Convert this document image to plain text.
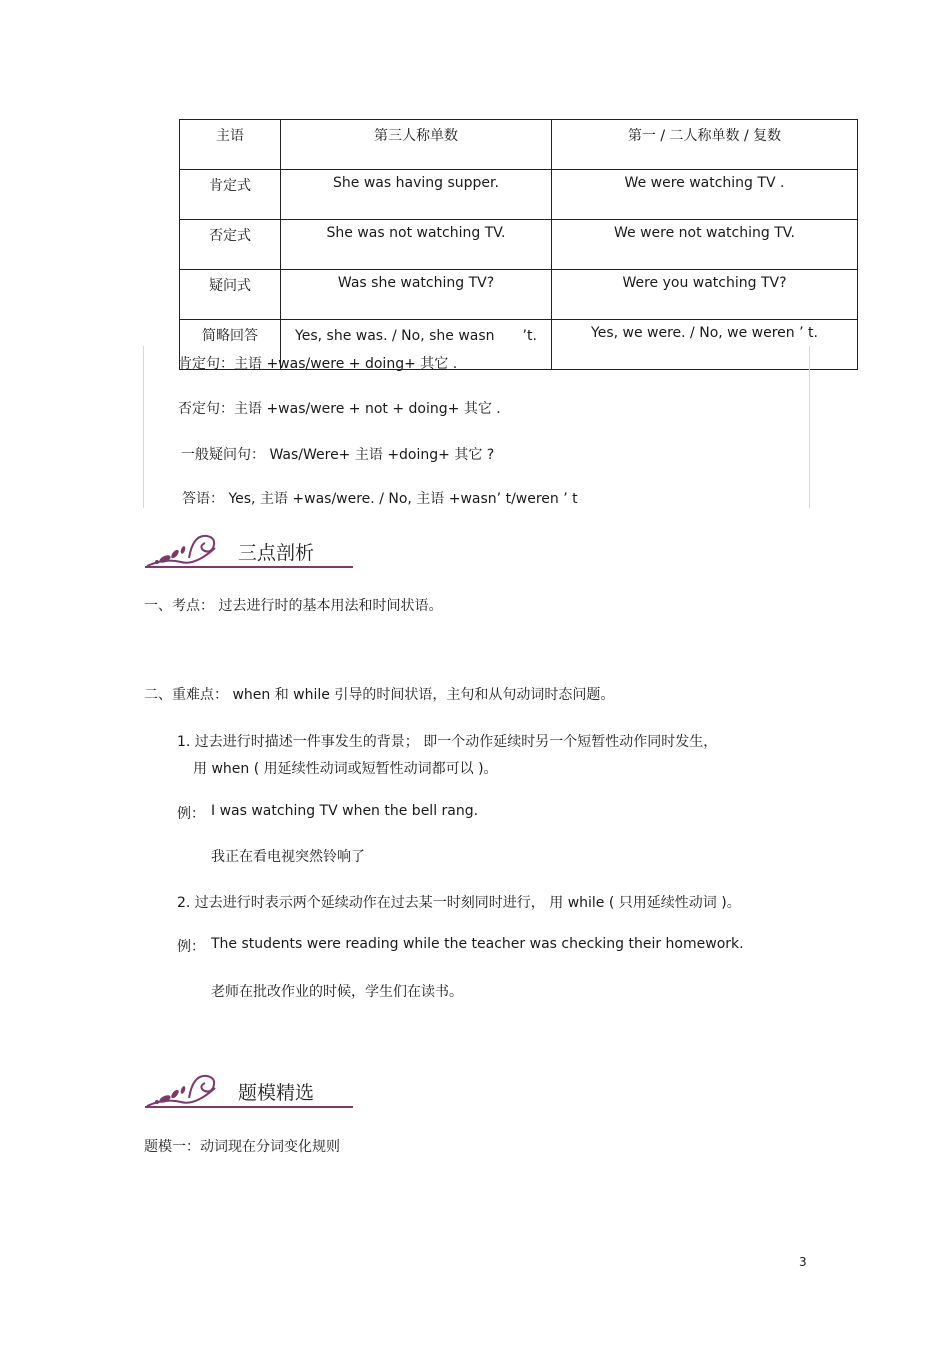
主语	第三人称单数	第一 / 二人称单数 / 复数
肯定式	She was having supper.	We were watching TV .
否定式	She was not watching TV.	We were not watching TV.
疑问式	Was she watching TV?	Were you watching TV?
简略回答	Yes, she was. / No, she wasn　　’t.	Yes, we were. / No, we weren ’ t.
肯定句：主语 +was/were + doing+ 其它 .
否定句：主语 +was/were + not + doing+ 其它 .
一般疑问句： Was/Were+ 主语 +doing+ 其它 ?
答语： Yes, 主语 +was/were. / No, 主语 +wasn’ t/weren ’ t
三点剖析
一、考点： 过去进行时的基本用法和时间状语。
二、重难点： when 和 while 引导的时间状语，主句和从句动词时态问题。
1. 过去进行时描述一件事发生的背景； 即一个动作延续时另一个短暂性动作同时发生，
用 when ( 用延续性动词或短暂性动词都可以 )。
例： I was watching TV when the bell rang.
我正在看电视突然铃响了
2. 过去进行时表示两个延续动作在过去某一时刻同时进行， 用 while ( 只用延续性动词 )。
例： The students were reading while the teacher was checking their homework.
老师在批改作业的时候，学生们在读书。
题模精选
题模一：动词现在分词变化规则
3
